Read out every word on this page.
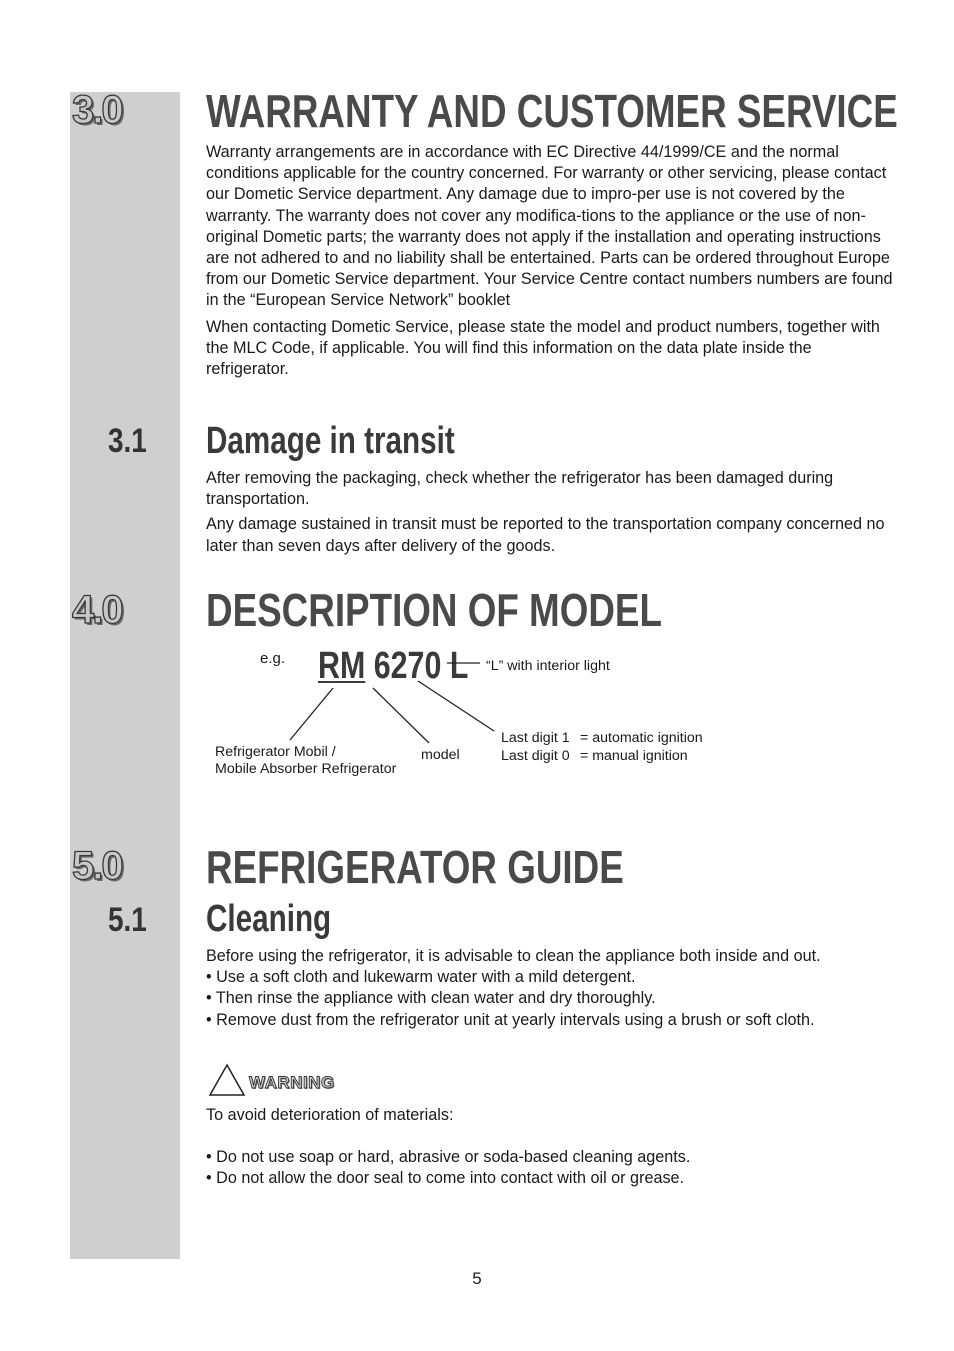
3.0 WARRANTY AND CUSTOMER SERVICE

Warranty arrangements are in accordance with EC Directive 44/1999/CE and the normal conditions applicable for the country concerned. For warranty or other servicing, please contact our Dometic Service department. Any damage due to impro-per use is not covered by the warranty. The warranty does not cover any modifica-tions to the appliance or the use of non-original Dometic parts; the warranty does not apply if the installation and operating instructions are not adhered to and no liability shall be entertained. Parts can be ordered throughout Europe from our Dometic Service department. Your Service Centre contact numbers numbers are found in the “European Service Network” booklet

When contacting Dometic Service, please state the model and product numbers, together with the MLC Code, if applicable. You will find this information on the data plate inside the refrigerator.

3.1 Damage in transit

After removing the packaging, check whether the refrigerator has been damaged during transportation.

Any damage sustained in transit must be reported to the transportation company concerned no later than seven days after delivery of the goods.

4.0 DESCRIPTION OF MODEL
e.g. RM 6270 L “L” with interior light
Refrigerator Mobil /
Mobile Absorber Refrigerator
model
Last digit 1 = automatic ignition
Last digit 0 = manual ignition
5.0 REFRIGERATOR GUIDE
5.1 Cleaning

Before using the refrigerator, it is advisable to clean the appliance both inside and out.

• Use a soft cloth and lukewarm water with a mild detergent.

• Then rinse the appliance with clean water and dry thoroughly.

• Remove dust from the refrigerator unit at yearly intervals using a brush or soft cloth.

WARNING

To avoid deterioration of materials:

• Do not use soap or hard, abrasive or soda-based cleaning agents.

• Do not allow the door seal to come into contact with oil or grease.

5
